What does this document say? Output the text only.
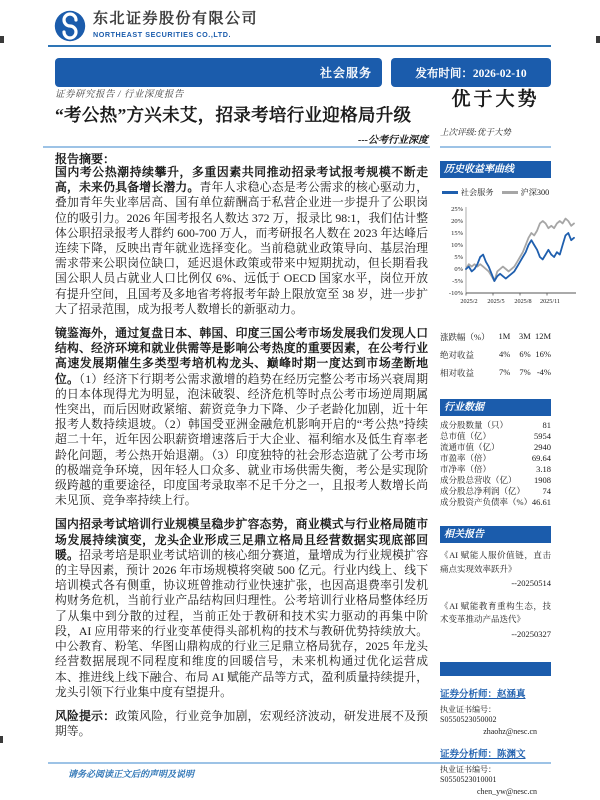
东北证券股份有限公司
NORTHEAST SECURITIES CO.,LTD.
社会服务	发布时间：2026-02-10
证券研究报告 / 行业深度报告
“考公热”方兴未艾，招录考培行业迎格局升级
---公考行业深度
报告摘要：

国内考公热潮持续攀升，多重因素共同推动招录考试报考规模不断走高，未来仍具备增长潜力。青年人求稳心态是考公需求的核心驱动力，叠加青年失业率居高、国有单位薪酬高于私营企业进一步提升了公职岗位的吸引力。2026 年国考报名人数达 372 万，报录比 98:1，我们估计整体公职招录报考人群约 600-700 万人，而考研报名人数在 2023 年达峰后连续下降，反映出青年就业选择变化。当前稳就业政策导向、基层治理需求带来公职岗位缺口，延迟退休政策或带来中短期扰动，但长期看我国公职人员占就业人口比例仅 6%、远低于 OECD 国家水平，岗位开放有提升空间，且国考及多地省考将报考年龄上限放宽至 38 岁，进一步扩大了招录范围，成为报考人数增长的新驱动力。

镜鉴海外，通过复盘日本、韩国、印度三国公考市场发展我们发现人口结构、经济环境和就业供需等是影响公考热度的重要因素，在公考行业高速发展期催生多类型考培机构龙头、巅峰时期一度达到市场垄断地位。（1）经济下行期考公需求激增的趋势在经历完整公考市场兴衰周期的日本体现得尤为明显，泡沫破裂、经济危机等时点公考市场逆周期属性突出，而后因财政紧缩、薪资竞争力下降、少子老龄化加剧，近十年报考人数持续退坡。（2）韩国受亚洲金融危机影响开启的“考公热”持续超二十年，近年因公职薪资增速落后于大企业、福利缩水及低生育率老龄化问题，考公热开始退潮。（3）印度独特的社会形态造就了公考市场的极端竞争环境，因年轻人口众多、就业市场供需失衡，考公是实现阶级跨越的重要途径，印度国考录取率不足千分之一，且报考人数增长尚未见顶、竞争率持续上行。

国内招录考试培训行业规模呈稳步扩容态势，商业模式与行业格局随市场发展持续演变，龙头企业形成三足鼎立格局且经营数据实现底部回暖。招录考培是职业考试培训的核心细分赛道，量增成为行业规模扩容的主导因素，预计 2026 年市场规模将突破 500 亿元。行业内线上、线下培训模式各有侧重，协议班曾推动行业快速扩张，也因高退费率引发机构财务危机，当前行业产品结构回归理性。公考培训行业格局整体经历了从集中到分散的过程，当前正处于教研和技术实力驱动的再集中阶段，AI 应用带来的行业变革使得头部机构的技术与教研优势持续放大。中公教育、粉笔、华图山鼎构成的行业三足鼎立格局犹存，2025 年龙头经营数据展现不同程度和维度的回暖信号，未来机构通过优化运营成本、推进线上线下融合、布局 AI 赋能产品等方式，盈利质量持续提升，龙头引领下行业集中度有望提升。

风险提示：政策风险，行业竞争加剧，宏观经济波动，研发进展不及预期等。

优于大势
上次评级:优于大势
历史收益率曲线
社会服务	沪深300
25%
20%
15%
10%
5%
0%
-5%
-10%
2025/2 2025/5 2025/8 2025/11
涨跌幅（%）	1M	3M 12M
绝对收益	4%	6% 16%
相对收益	7%	7% -4%
行业数据
成分股数量（只）	81
总市值（亿）	5954
流通市值（亿）	2940
市盈率（倍）	69.64
市净率（倍）	3.18
成分股总营收（亿） 1908
成分股总净利润（亿） 74
成分股资产负债率（%） 46.61
相关报告
《AI 赋能人服价值链，直击痛点实现效率跃升》
--20250514
《AI 赋能教育重构生态，技术变革推动产品迭代》
--20250327
证券分析师：赵涵真
执业证书编号：S0550523050002
zhaohz@nesc.cn
证券分析师：陈渊文
执业证书编号：S0550523010001
chen_yw@nesc.cn
请务必阅读正文后的声明及说明
